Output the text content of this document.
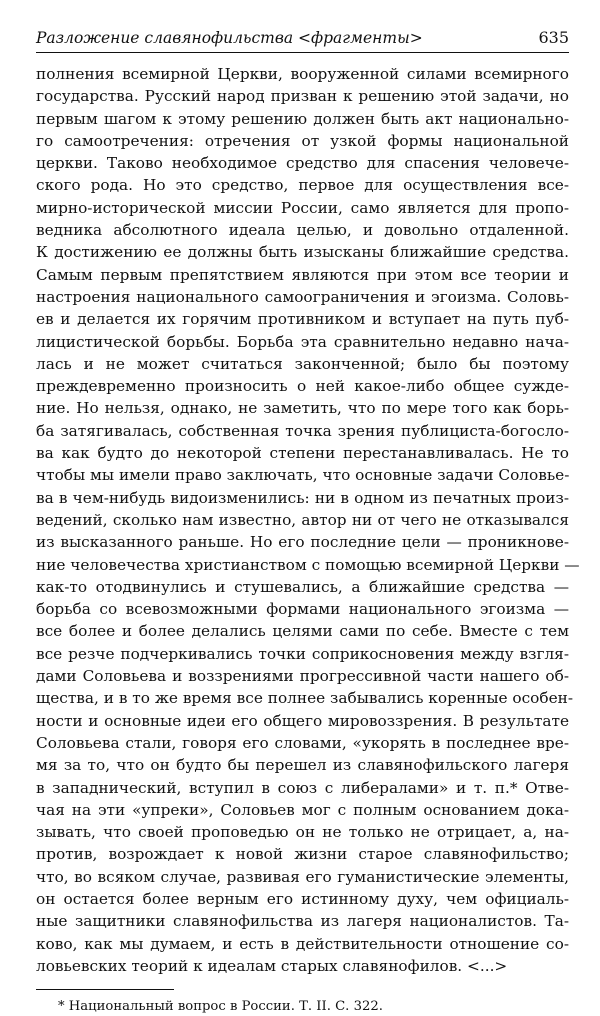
Разложение славянофильства <фрагменты>	635
полнения всемирной Церкви, вооруженной силами всемирного
государства. Русский народ призван к решению этой задачи, но
первым шагом к этому решению должен быть акт национально-
го самоотречения: отречения от узкой формы национальной
церкви. Таково необходимое средство для спасения человече-
ского рода. Но это средство, первое для осуществления все-
мирно-исторической миссии России, само является для пропо-
ведника абсолютного идеала целью, и довольно отдаленной.
К достижению ее должны быть изысканы ближайшие средства.
Самым первым препятствием являются при этом все теории и
настроения национального самоограничения и эгоизма. Соловь-
ев и делается их горячим противником и вступает на путь пуб-
лицистической борьбы. Борьба эта сравнительно недавно нача-
лась и не может считаться законченной; было бы поэтому
преждевременно произносить о ней какое-либо общее сужде-
ние. Но нельзя, однако, не заметить, что по мере того как борь-
ба затягивалась, собственная точка зрения публициста-богосло-
ва как будто до некоторой степени перестанавливалась. Не то
чтобы мы имели право заключать, что основные задачи Соловье-
ва в чем-нибудь видоизменились: ни в одном из печатных произ-
ведений, сколько нам известно, автор ни от чего не отказывался
из высказанного раньше. Но его последние цели — проникнове-
ние человечества христианством с помощью всемирной Церкви —
как-то отодвинулись и стушевались, а ближайшие средства —
борьба со всевозможными формами национального эгоизма —
все более и более делались целями сами по себе. Вместе с тем
все резче подчеркивались точки соприкосновения между взгля-
дами Соловьева и воззрениями прогрессивной части нашего об-
щества, и в то же время все полнее забывались коренные особен-
ности и основные идеи его общего мировоззрения. В результате
Соловьева стали, говоря его словами, «укорять в последнее вре-
мя за то, что он будто бы перешел из славянофильского лагеря
в западнический, вступил в союз с либералами» и т. п.* Отве-
чая на эти «упреки», Соловьев мог с полным основанием дока-
зывать, что своей проповедью он не только не отрицает, а, на-
против, возрождает к новой жизни старое славянофильство;
что, во всяком случае, развивая его гуманистические элементы,
он остается более верным его истинному духу, чем официаль-
ные защитники славянофильства из лагеря националистов. Та-
ково, как мы думаем, и есть в действительности отношение со-
ловьевских теорий к идеалам старых славянофилов. <...>
* Национальный вопрос в России. Т. II. С. 322.
